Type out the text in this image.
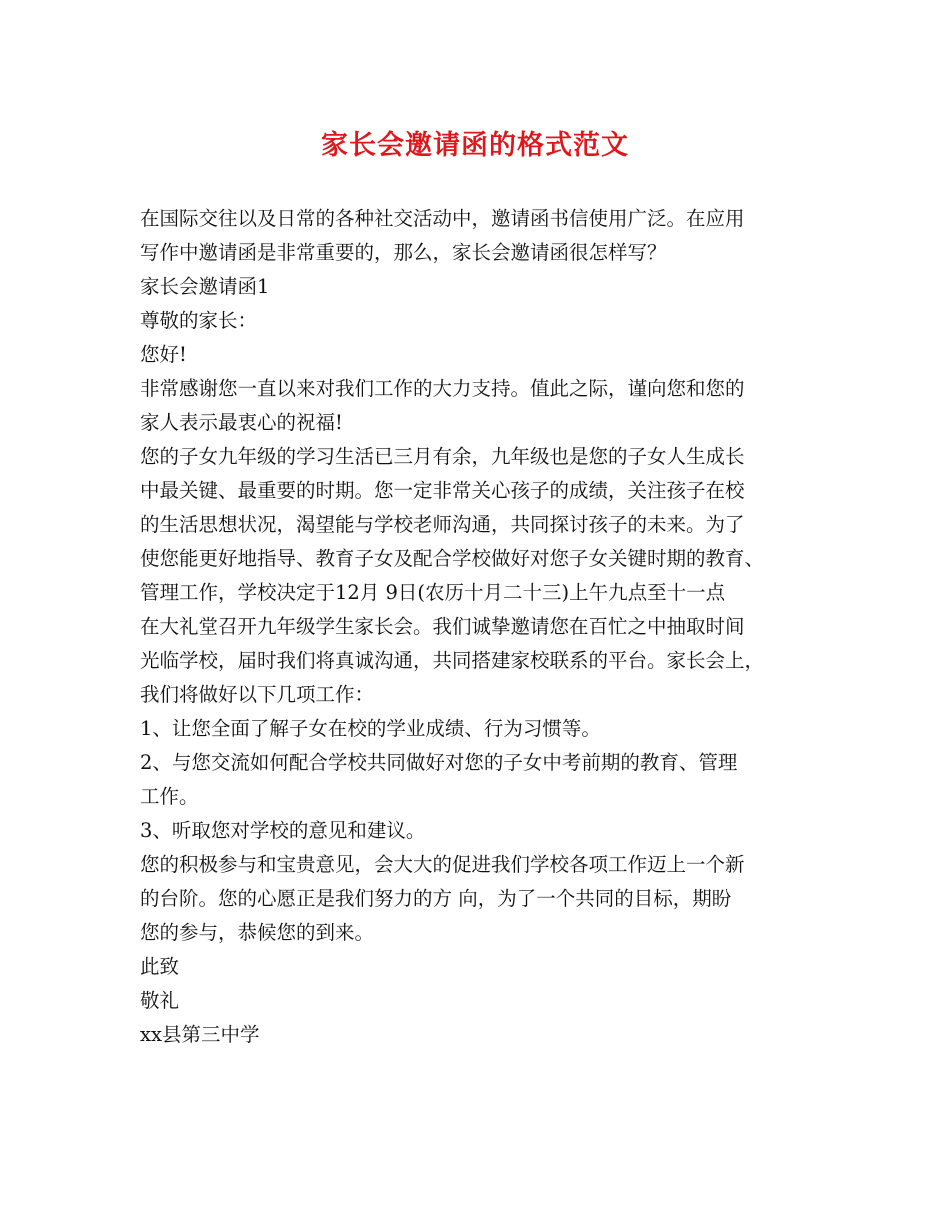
家长会邀请函的格式范文
在国际交往以及日常的各种社交活动中，邀请函书信使用广泛。在应用
写作中邀请函是非常重要的，那么，家长会邀请函很怎样写？
家长会邀请函1
尊敬的家长：
您好!
非常感谢您一直以来对我们工作的大力支持。值此之际，谨向您和您的
家人表示最衷心的祝福!
您的子女九年级的学习生活已三月有余，九年级也是您的子女人生成长
中最关键、最重要的时期。您一定非常关心孩子的成绩，关注孩子在校
的生活思想状况，渴望能与学校老师沟通，共同探讨孩子的未来。为了
使您能更好地指导、教育子女及配合学校做好对您子女关键时期的教育、
管理工作，学校决定于12月 9日(农历十月二十三)上午九点至十一点
在大礼堂召开九年级学生家长会。我们诚挚邀请您在百忙之中抽取时间
光临学校，届时我们将真诚沟通，共同搭建家校联系的平台。家长会上，
我们将做好以下几项工作：
1、让您全面了解子女在校的学业成绩、行为习惯等。
2、与您交流如何配合学校共同做好对您的子女中考前期的教育、管理
工作。
3、听取您对学校的意见和建议。
您的积极参与和宝贵意见，会大大的促进我们学校各项工作迈上一个新
的台阶。您的心愿正是我们努力的方 向，为了一个共同的目标，期盼
您的参与，恭候您的到来。
此致
敬礼
xx县第三中学
